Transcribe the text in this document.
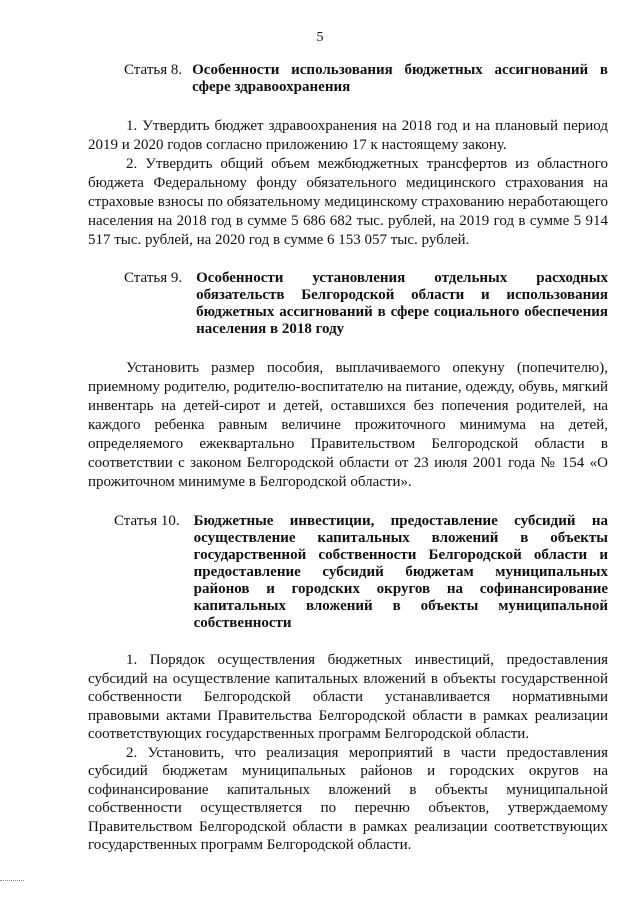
5
Статья 8. Особенности использования бюджетных ассигнований в сфере здравоохранения

1. Утвердить бюджет здравоохранения на 2018 год и на плановый период 2019 и 2020 годов согласно приложению 17 к настоящему закону.

2. Утвердить общий объем межбюджетных трансфертов из областного бюджета Федеральному фонду обязательного медицинского страхования на страховые взносы по обязательному медицинскому страхованию неработающего населения на 2018 год в сумме 5 686 682 тыс. рублей, на 2019 год в сумме 5 914 517 тыс. рублей, на 2020 год в сумме 6 153 057 тыс. рублей.

Статья 9. Особенности установления отдельных расходных обязательств Белгородской области и использования бюджетных ассигнований в сфере социального обеспечения населения в 2018 году

Установить размер пособия, выплачиваемого опекуну (попечителю), приемному родителю, родителю-воспитателю на питание, одежду, обувь, мягкий инвентарь на детей-сирот и детей, оставшихся без попечения родителей, на каждого ребенка равным величине прожиточного минимума на детей, определяемого ежеквартально Правительством Белгородской области в соответствии с законом Белгородской области от 23 июля 2001 года № 154 «О прожиточном минимуме в Белгородской области».

Статья 10. Бюджетные инвестиции, предоставление субсидий на осуществление капитальных вложений в объекты государственной собственности Белгородской области и предоставление субсидий бюджетам муниципальных районов и городских округов на софинансирование капитальных вложений в объекты муниципальной собственности

1. Порядок осуществления бюджетных инвестиций, предоставления субсидий на осуществление капитальных вложений в объекты государственной собственности Белгородской области устанавливается нормативными правовыми актами Правительства Белгородской области в рамках реализации соответствующих государственных программ Белгородской области.

2. Установить, что реализация мероприятий в части предоставления субсидий бюджетам муниципальных районов и городских округов на софинансирование капитальных вложений в объекты муниципальной собственности осуществляется по перечню объектов, утверждаемому Правительством Белгородской области в рамках реализации соответствующих государственных программ Белгородской области.
